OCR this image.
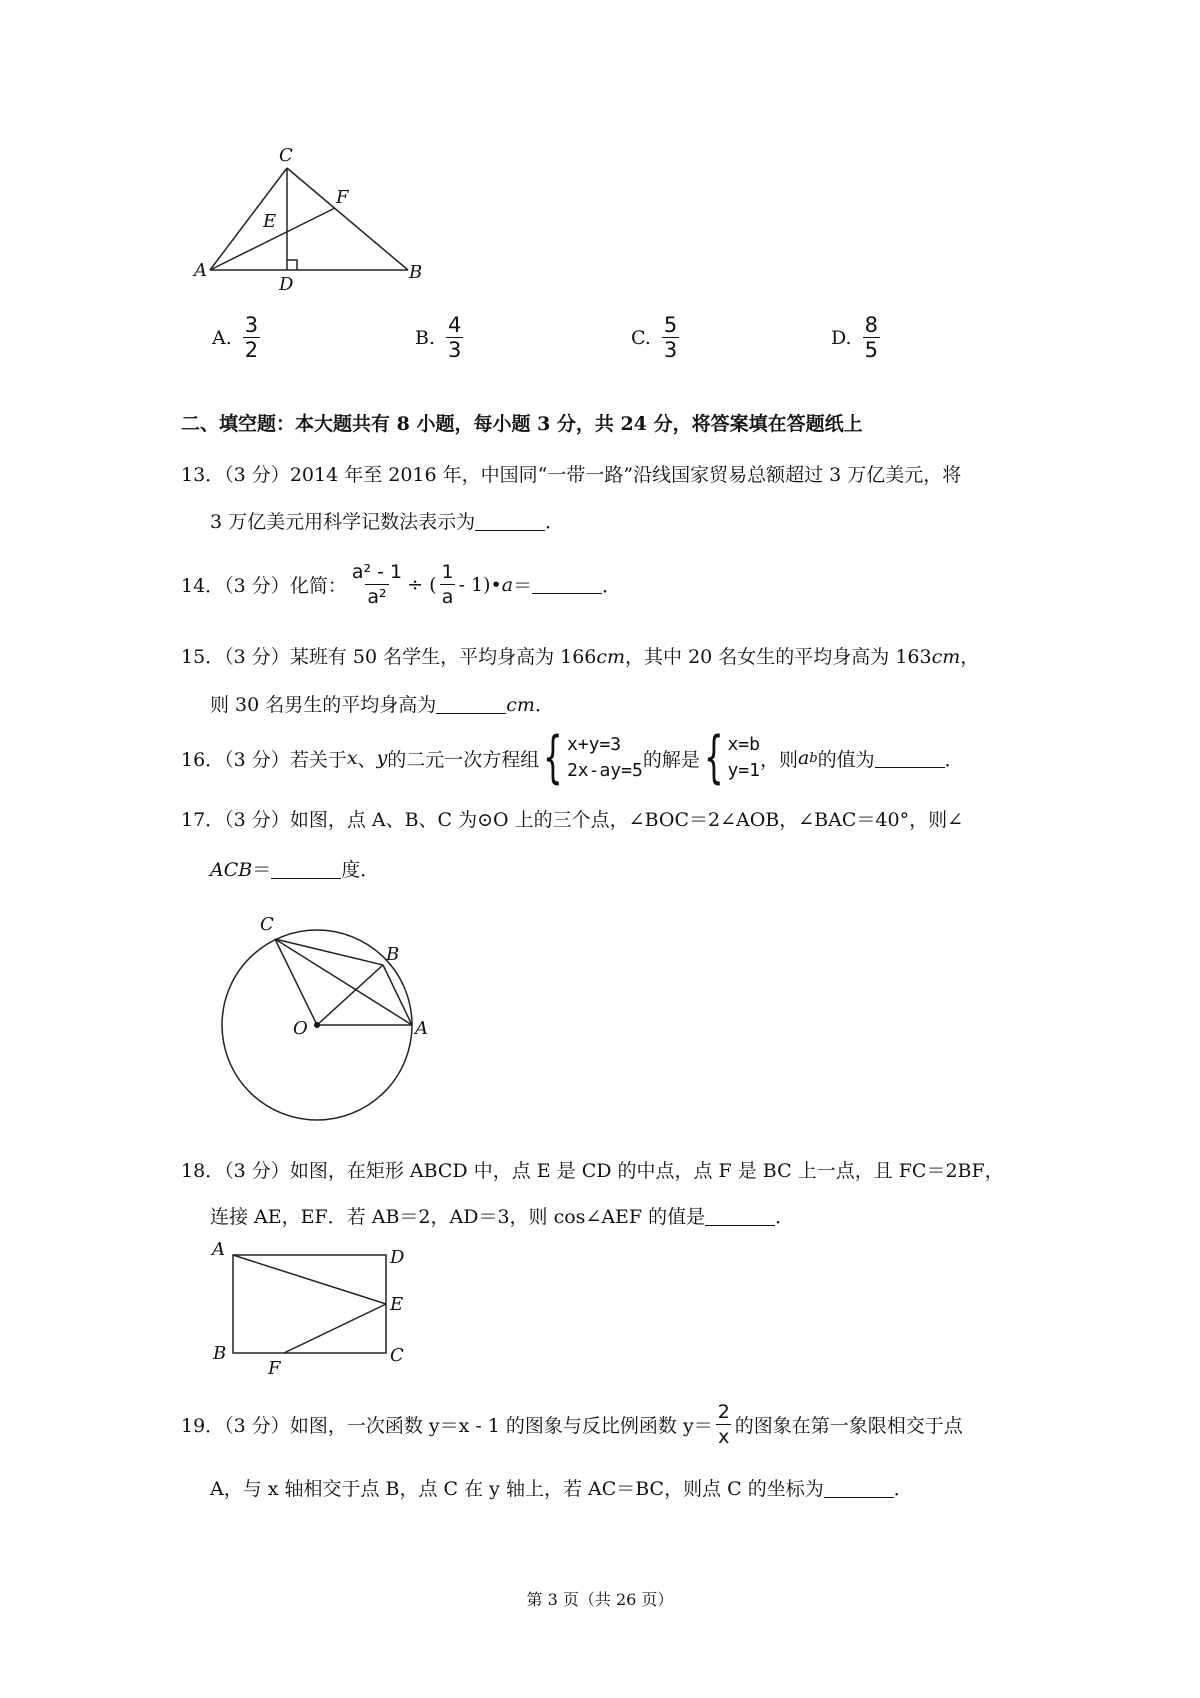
C
F
E
A
D
B
A. $\frac{3}{2}$	B. $\frac{4}{3}$	C. $\frac{5}{3}$	D. $\frac{8}{5}$
二、填空题：本大题共有 8 小题，每小题 3 分，共 24 分，将答案填在答题纸上
13．（3 分）2014 年至 2016 年，中国同“一带一路”沿线国家贸易总额超过 3 万亿美元，将
3 万亿美元用科学记数法表示为	．
14．（3 分） 化简： $\frac{\text{a² - 1}}{\text{a²}}$ ÷ ( $\frac{1}{a}$ - 1)• a ＝	．
15．（3 分）某班有 50 名学生，平均身高为 166cm，其中 20 名女生的平均身高为 163cm，
则 30 名男生的平均身高为	cm．
16．（3 分） 若关于 x 、 y 的二元一次方程组 { x+y=3
2x-ay=5 的解是 { x=b
y=1 ，则 a b 的值为	．
17．（3 分）如图，点 A、B、C 为⊙O 上的三个点，∠BOC＝2∠AOB，∠BAC＝40°，则∠
ACB＝	度．
C
B
O	A
18．（3 分）如图，在矩形 ABCD 中，点 E 是 CD 的中点，点 F 是 BC 上一点，且 FC＝2BF，
连接 AE，EF．若 AB＝2，AD＝3，则 cos∠AEF 的值是	．
A	D
E
B	C
F
19．（3 分） 如图，一次函数 y＝x - 1 的图象与反比例函数 $y= \frac{2}{x}$ 的图象在第一象限相交于点
A，与 x 轴相交于点 B，点 C 在 y 轴上，若 AC＝BC，则点 C 的坐标为	．
第 3 页（共 26 页）
